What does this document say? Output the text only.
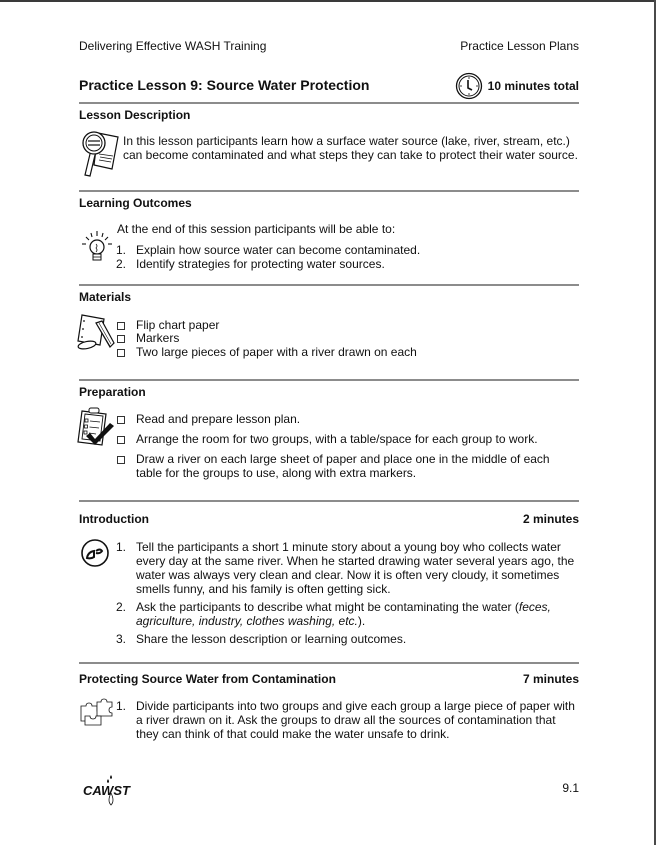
Delivering Effective WASH Training	Practice Lesson Plans
Practice Lesson 9: Source Water Protection	10 minutes total
Lesson Description
In this lesson participants learn how a surface water source (lake, river, stream, etc.)
can become contaminated and what steps they can take to protect their water source.
Learning Outcomes
At the end of this session participants will be able to:
1. Explain how source water can become contaminated.
2. Identify strategies for protecting water sources.
Materials
Flip chart paper
Markers
Two large pieces of paper with a river drawn on each
Preparation
Read and prepare lesson plan.
Arrange the room for two groups, with a table/space for each group to work.
Draw a river on each large sheet of paper and place one in the middle of each table for the groups to use, along with extra markers.
Introduction	2 minutes
1. Tell the participants a short 1 minute story about a young boy who collects water every day at the same river. When he started drawing water several years ago, the water was always very clean and clear. Now it is often very cloudy, it sometimes smells funny, and his family is often getting sick.
2. Ask the participants to describe what might be contaminating the water (feces, agriculture, industry, clothes washing, etc.).
3. Share the lesson description or learning outcomes.
Protecting Source Water from Contamination	7 minutes
1. Divide participants into two groups and give each group a large piece of paper with a river drawn on it. Ask the groups to draw all the sources of contamination that they can think of that could make the water unsafe to drink.
CAWST	9.1
